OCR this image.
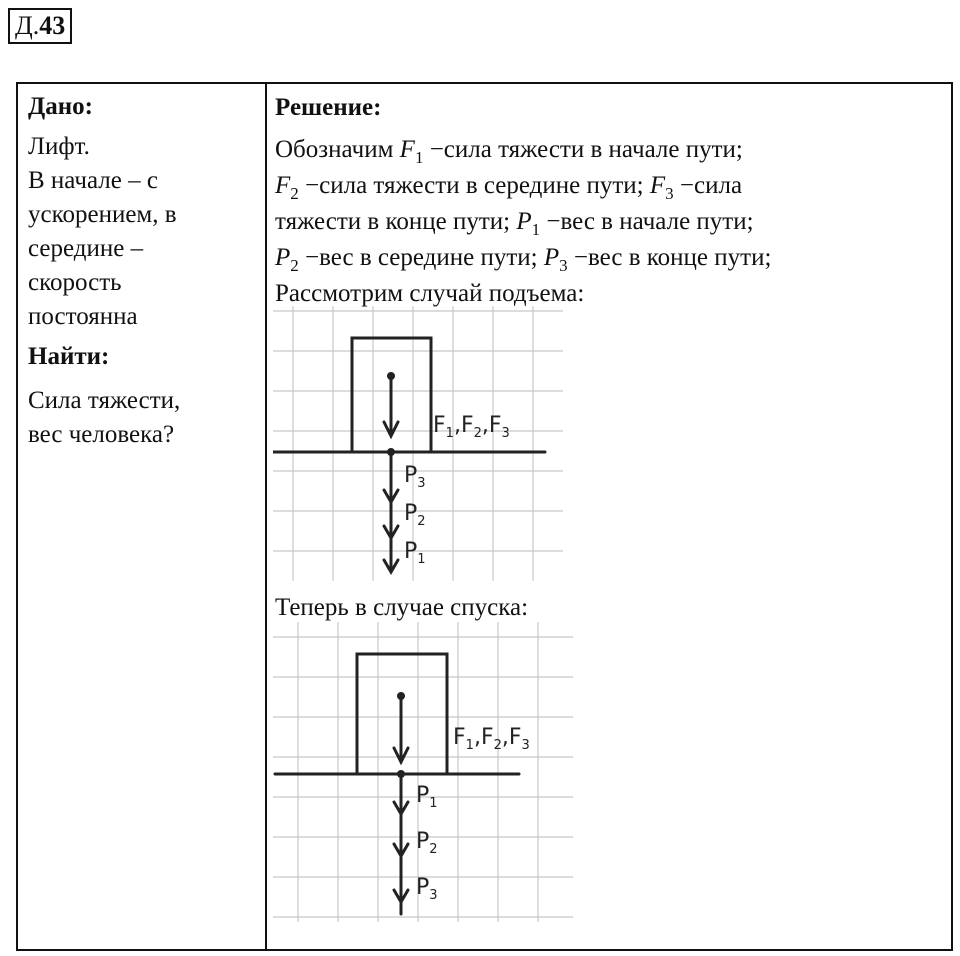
Д.43
Дано:
Лифт.
В начале – с
ускорением, в
середине –
скорость
постоянна
Найти:
Сила тяжести,
вес человека?
Решение:
Обозначим $F_1$ −сила тяжести в начале пути;
$F_2$ −сила тяжести в середине пути; $F_3$ −сила
тяжести в конце пути; $P_1 -вес$ в начале пути;
$P_2 -вес$ в середине пути; $P_3 -вес$ в конце пути;
Рассмотрим случай подъема:
$F_1,F_2,F_3$
$P_3$
$P_2$
$P_1$
Теперь в случае спуска:
$F_1,F_2,F_3$
$P_1$
$P_2$
$P_3$
